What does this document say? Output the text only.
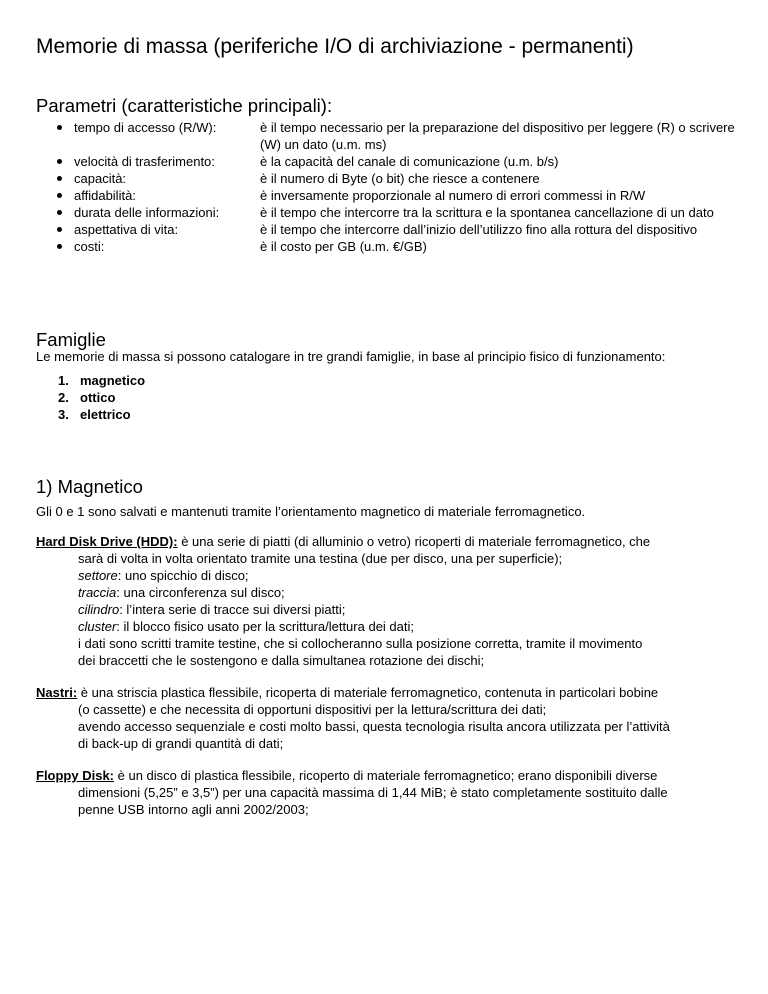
Memorie di massa (periferiche I/O di archiviazione - permanenti)
Parametri (caratteristiche principali):
tempo di accesso (R/W):	è il tempo necessario per la preparazione del dispositivo per leggere (R) o scrivere (W) un dato (u.m. ms)
velocità di trasferimento:	è la capacità del canale di comunicazione (u.m. b/s)
capacità:	è il numero di Byte (o bit) che riesce a contenere
affidabilità:	è inversamente proporzionale al numero di errori commessi in R/W
durata delle informazioni:	è il tempo che intercorre tra la scrittura e la spontanea cancellazione di un dato
aspettativa di vita:	è il tempo che intercorre dall’inizio dell’utilizzo fino alla rottura del dispositivo
costi:	è il costo per GB (u.m. €/GB)
Famiglie
Le memorie di massa si possono catalogare in tre grandi famiglie, in base al principio fisico di funzionamento:
1. magnetico
2. ottico
3. elettrico
1) Magnetico
Gli 0 e 1 sono salvati e mantenuti tramite l’orientamento magnetico di materiale ferromagnetico.
Hard Disk Drive (HDD): è una serie di piatti (di alluminio o vetro) ricoperti di materiale ferromagnetico, che
sarà di volta in volta orientato tramite una testina (due per disco, una per superficie);
settore: uno spicchio di disco;
traccia: una circonferenza sul disco;
cilindro: l’intera serie di tracce sui diversi piatti;
cluster: il blocco fisico usato per la scrittura/lettura dei dati;
i dati sono scritti tramite testine, che si collocheranno sulla posizione corretta, tramite il movimento
dei braccetti che le sostengono e dalla simultanea rotazione dei dischi;
Nastri: è una striscia plastica flessibile, ricoperta di materiale ferromagnetico, contenuta in particolari bobine
(o cassette) e che necessita di opportuni dispositivi per la lettura/scrittura dei dati;
avendo accesso sequenziale e costi molto bassi, questa tecnologia risulta ancora utilizzata per l’attività
di back-up di grandi quantità di dati;
Floppy Disk: è un disco di plastica flessibile, ricoperto di materiale ferromagnetico; erano disponibili diverse
dimensioni (5,25” e 3,5”) per una capacità massima di 1,44 MiB; è stato completamente sostituito dalle
penne USB intorno agli anni 2002/2003;
